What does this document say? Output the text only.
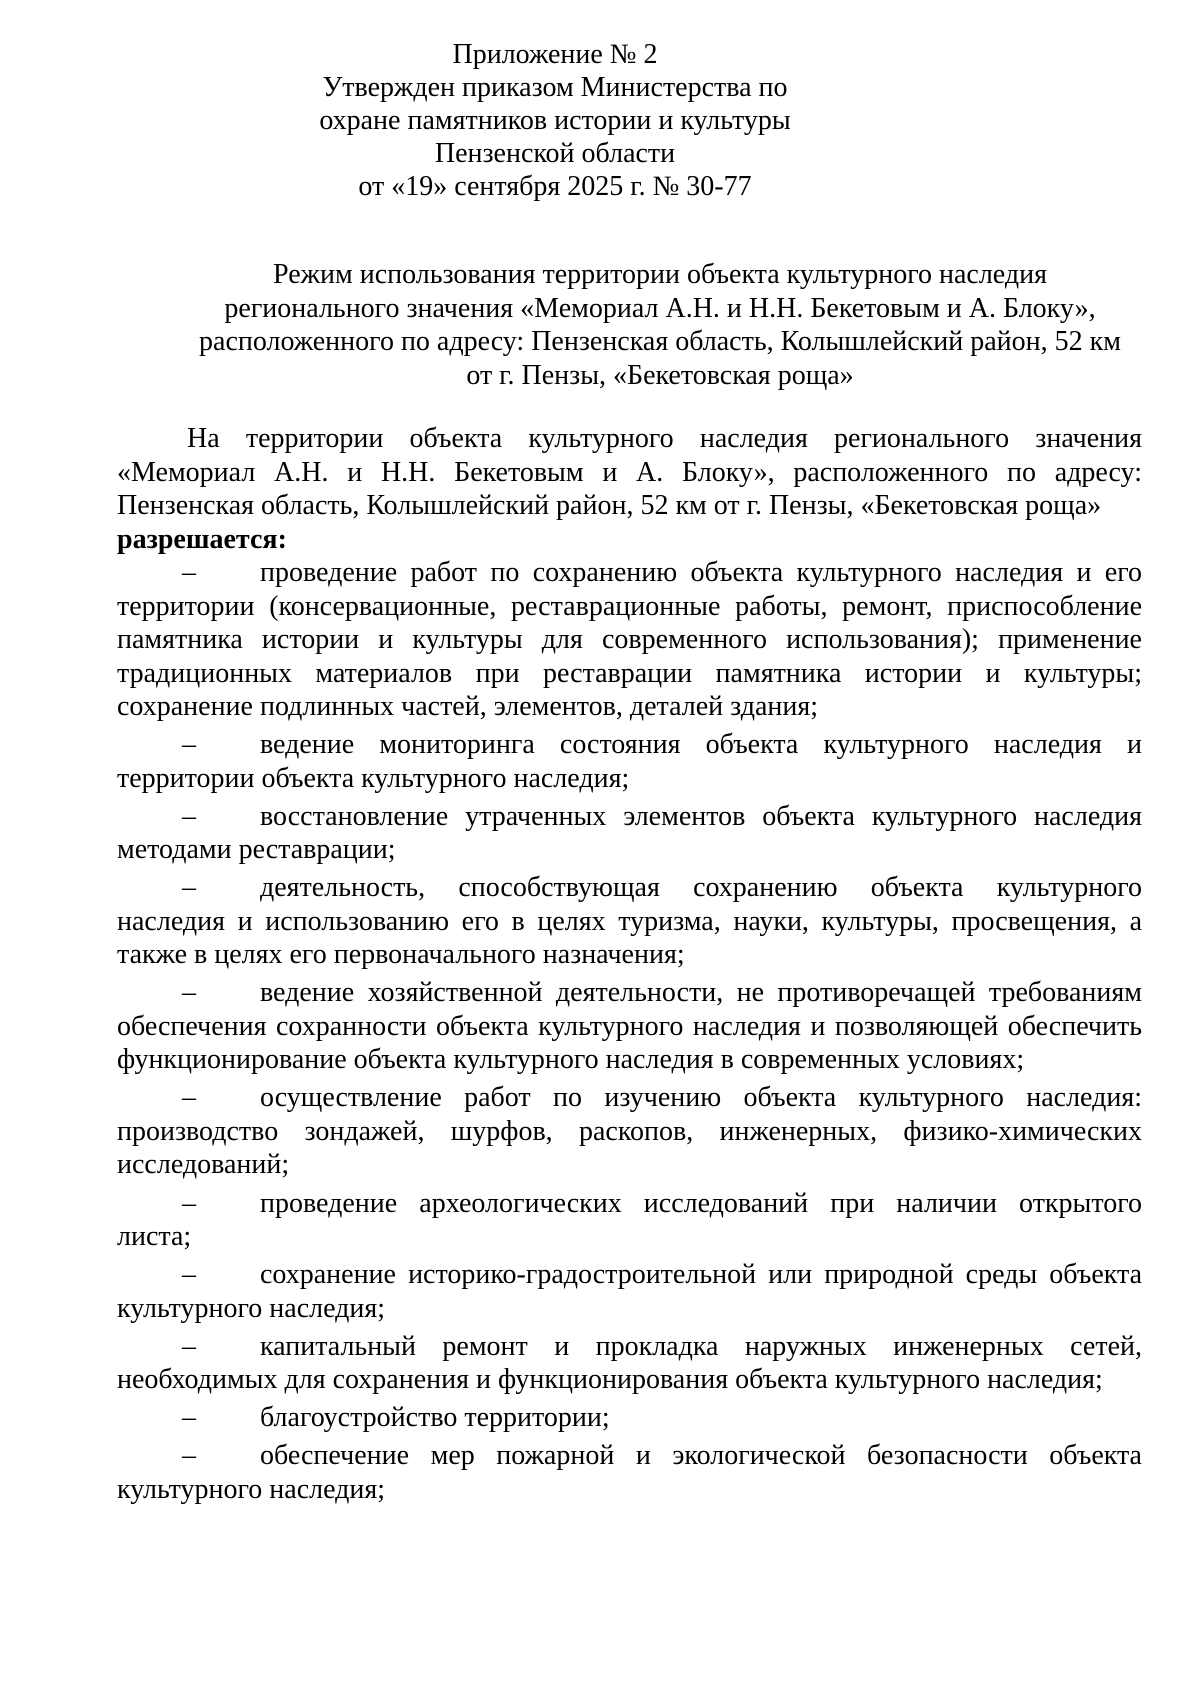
Приложение № 2
Утвержден приказом Министерства по
охране памятников истории и культуры
Пензенской области
от «19» сентября 2025 г. № 30-77
Режим использования территории объекта культурного наследия
регионального значения «Мемориал А.Н. и Н.Н. Бекетовым и А. Блоку»,
расположенного по адресу: Пензенская область, Колышлейский район, 52 км
от г. Пензы, «Бекетовская роща»

На территории объекта культурного наследия регионального значения «Мемориал А.Н. и Н.Н. Бекетовым и А. Блоку», расположенного по адресу: Пензенская область, Колышлейский район, 52 км от г. Пензы, «Бекетовская роща»

разрешается:

– проведение работ по сохранению объекта культурного наследия и его территории (консервационные, реставрационные работы, ремонт, приспособление памятника истории и культуры для современного использования); применение традиционных материалов при реставрации памятника истории и культуры; сохранение подлинных частей, элементов, деталей здания;
– ведение мониторинга состояния объекта культурного наследия и территории объекта культурного наследия;
– восстановление утраченных элементов объекта культурного наследия методами реставрации;
– деятельность, способствующая сохранению объекта культурного наследия и использованию его в целях туризма, науки, культуры, просвещения, а также в целях его первоначального назначения;
– ведение хозяйственной деятельности, не противоречащей требованиям обеспечения сохранности объекта культурного наследия и позволяющей обеспечить функционирование объекта культурного наследия в современных условиях;
– осуществление работ по изучению объекта культурного наследия: производство зондажей, шурфов, раскопов, инженерных, физико-химических исследований;
– проведение археологических исследований при наличии открытого листа;
– сохранение историко-градостроительной или природной среды объекта культурного наследия;
– капитальный ремонт и прокладка наружных инженерных сетей, необходимых для сохранения и функционирования объекта культурного наследия;
– благоустройство территории;
– обеспечение мер пожарной и экологической безопасности объекта культурного наследия;
